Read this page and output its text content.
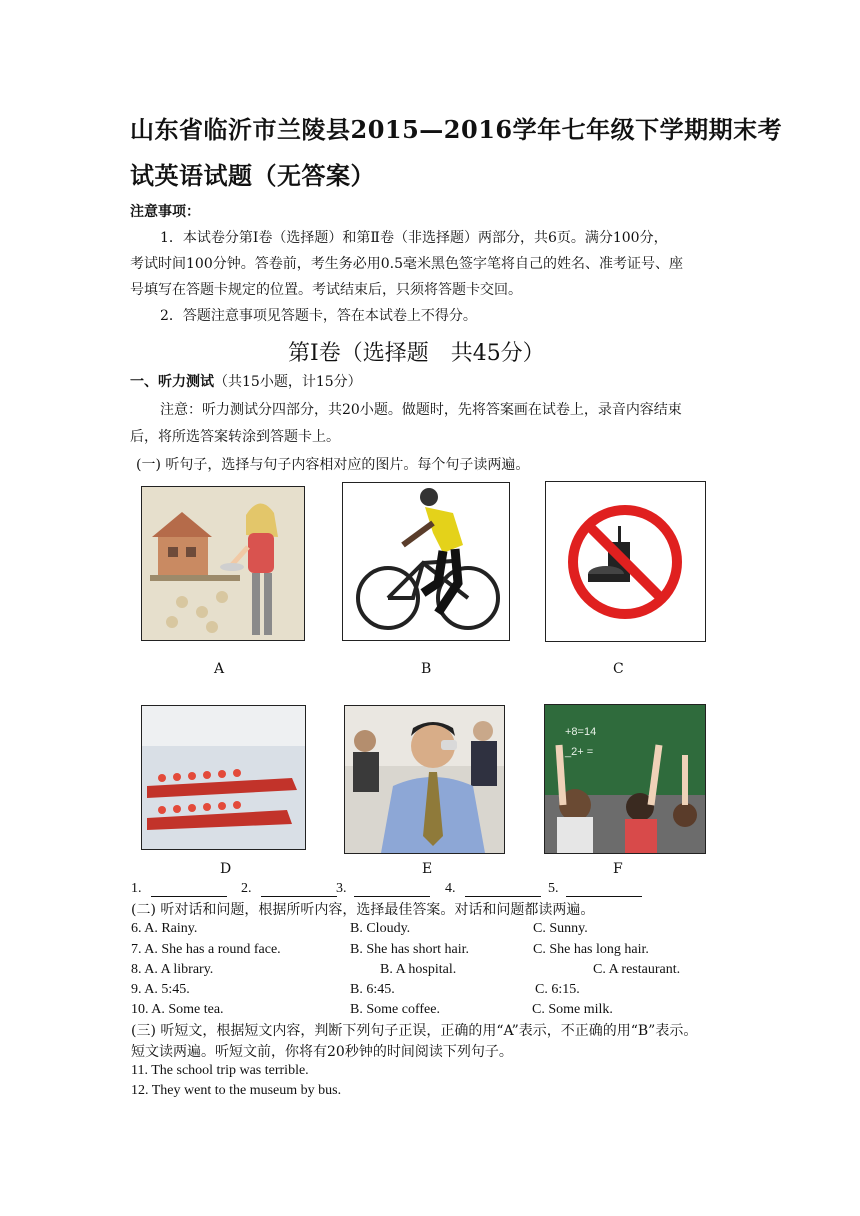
山东省临沂市兰陵县2015—2016学年七年级下学期期末考
试英语试题（无答案）
注意事项：
1．本试卷分第Ⅰ卷（选择题）和第Ⅱ卷（非选择题）两部分，共6页。满分100分，
考试时间100分钟。答卷前，考生务必用0.5毫米黑色签字笔将自己的姓名、准考证号、座
号填写在答题卡规定的位置。考试结束后，只须将答题卡交回。
2．答题注意事项见答题卡，答在本试卷上不得分。
第I卷（选择题　共45分）
一、听力测试（共15小题，计15分）
注意：听力测试分四部分，共20小题。做题时，先将答案画在试卷上，录音内容结束
后，将所选答案转涂到答题卡上。
(一) 听句子，选择与句子内容相对应的图片。每个句子读两遍。
A	B	C
+8=14
_2+ =
D	E	F
1.	2.	3.	4.	5.
(二) 听对话和问题，根据所听内容，选择最佳答案。对话和问题都读两遍。
6. A. Rainy.	B. Cloudy.	C. Sunny.
7. A. She has a round face.	B. She has short hair.	C. She has long hair.
8. A. A library.	B. A hospital.	C. A restaurant.
9. A. 5:45.	B. 6:45.	C. 6:15.
10. A. Some tea.	B. Some coffee.	C. Some milk.
(三) 听短文，根据短文内容，判断下列句子正误，正确的用“A”表示，不正确的用“B”表示。
短文读两遍。听短文前，你将有20秒钟的时间阅读下列句子。
11. The school trip was terrible.
12. They went to the museum by bus.
